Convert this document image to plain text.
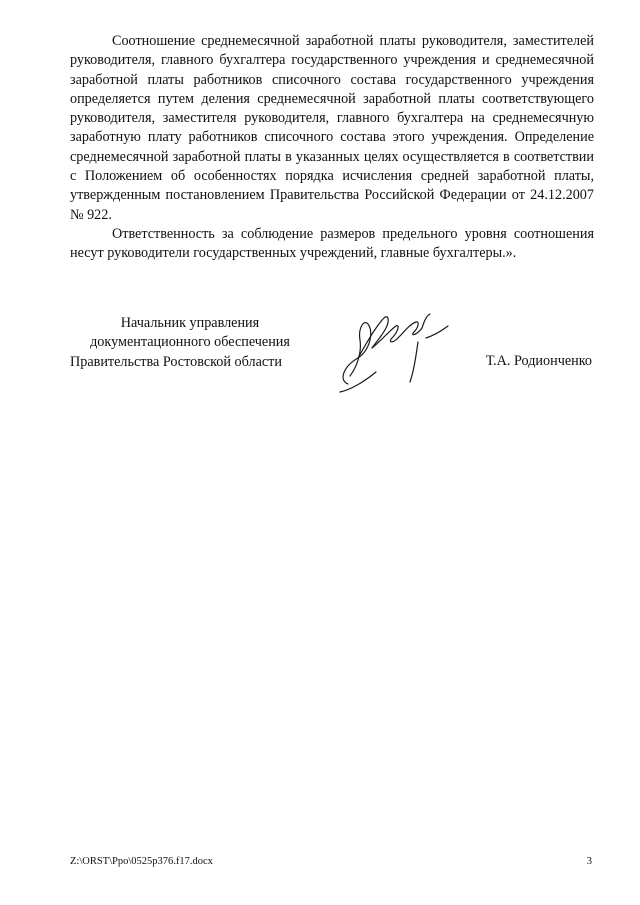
Соотношение среднемесячной заработной платы руководителя, заместителей руководителя, главного бухгалтера государственного учреждения и среднемесячной заработной платы работников списочного состава государственного учреждения определяется путем деления среднемесячной заработной платы соответствующего руководителя, заместителя руководителя, главного бухгалтера на среднемесячную заработную плату работников списочного состава этого учреждения. Определение среднемесячной заработной платы в указанных целях осуществляется в соответствии с Положением об особенностях порядка исчисления средней заработной платы, утвержденным постановлением Правительства Российской Федерации от 24.12.2007 № 922.

Ответственность за соблюдение размеров предельного уровня соотношения несут руководители государственных учреждений, главные бухгалтеры.».

Начальник управления
документационного обеспечения
Правительства Ростовской области	Т.А. Родионченко
Z:\ORST\Ppo\0525p376.f17.docx	3
